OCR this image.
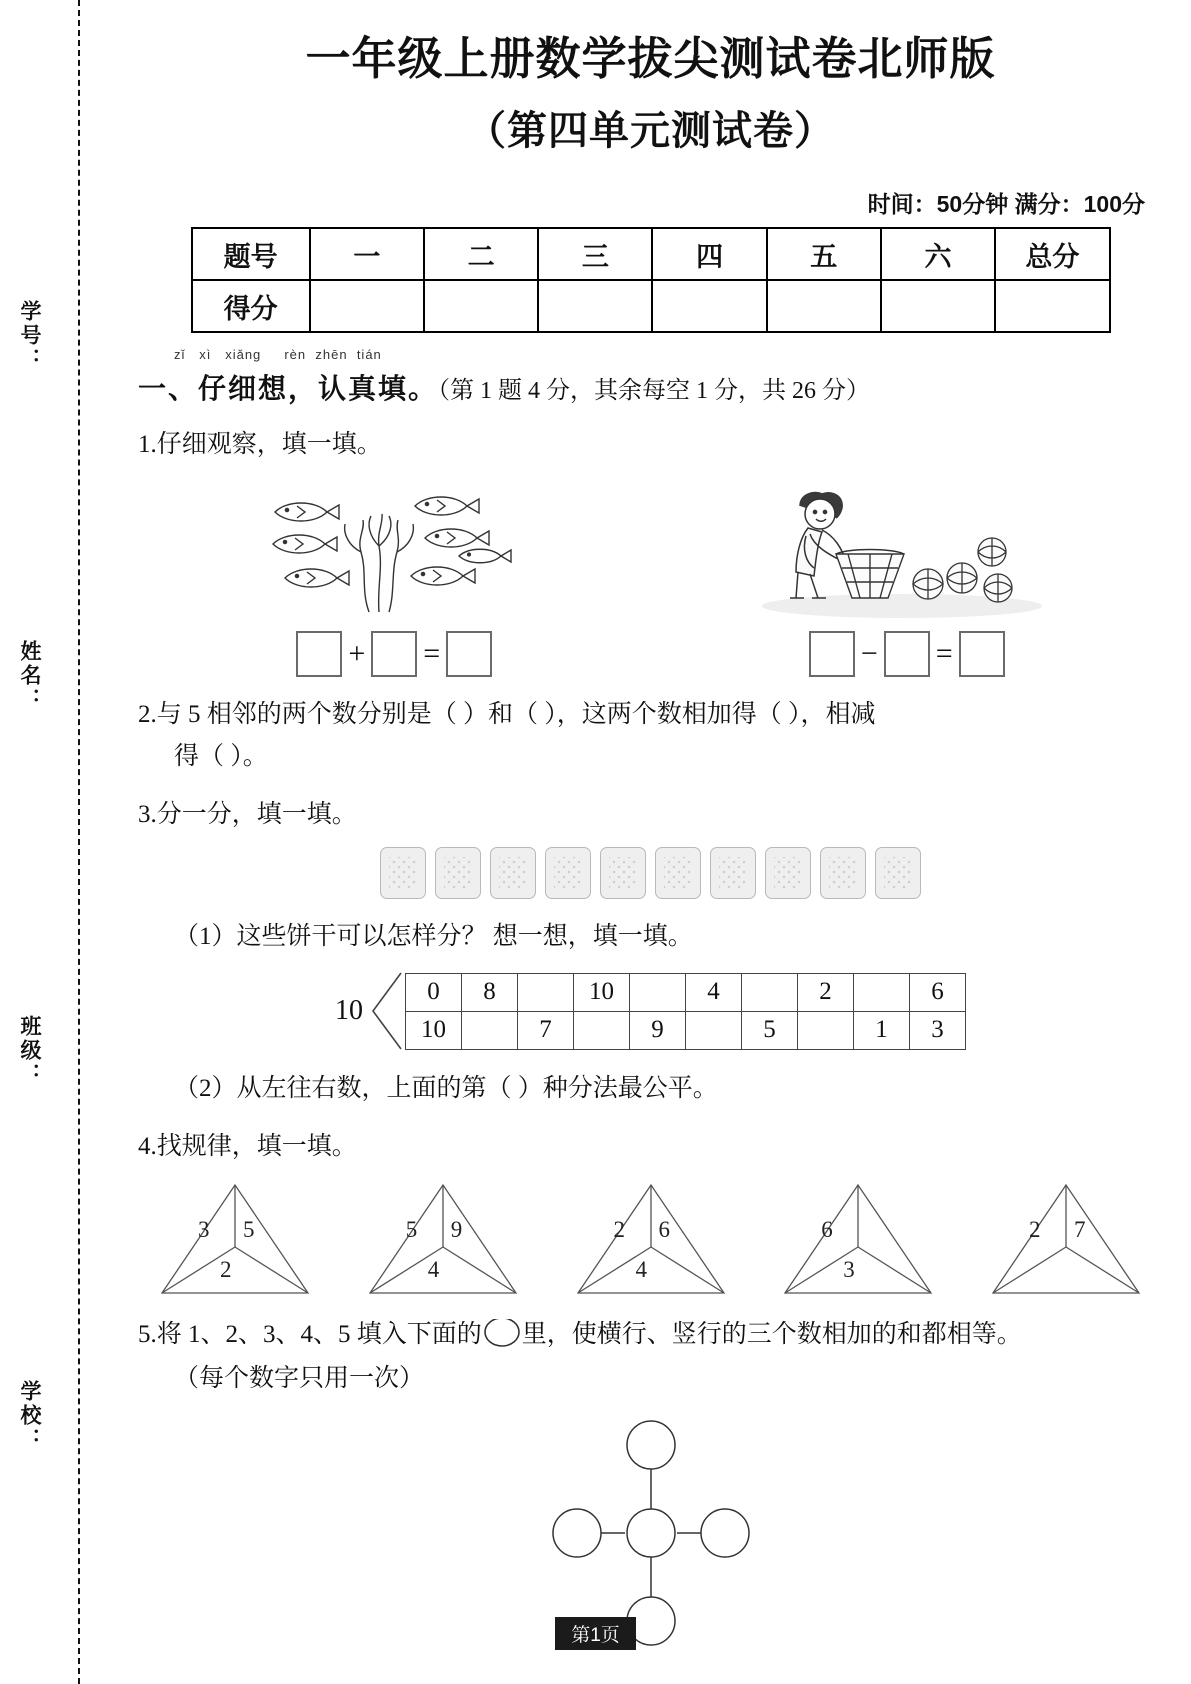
学号：
姓名：
班级：
学校：
一年级上册数学拔尖测试卷北师版
（第四单元测试卷）
时间：50分钟 满分：100分
题号	一	二	三	四	五	六	总分
得分							
zǐ xì xiǎng rèn zhēn tián
一、仔细想，认真填。（第 1 题 4 分，其余每空 1 分，共 26 分）
1.仔细观察，填一填。
+ =	− =
2.与 5 相邻的两个数分别是（ ）和（ ），这两个数相加得（ ），相减
得（ ）。
3.分一分，填一填。
（1）这些饼干可以怎样分？ 想一想，填一填。
10
0	8		10		4		2		6
10		7		9		5		1	3
（2）从左往右数，上面的第（ ）种分法最公平。
4.找规律，填一填。
3 5
2
5 9
4
2 6
4
6
3
2 7
5.将 1、2、3、4、5 填入下面的 里，使横行、竖行的三个数相加的和都相等。
（每个数字只用一次）
第1页
